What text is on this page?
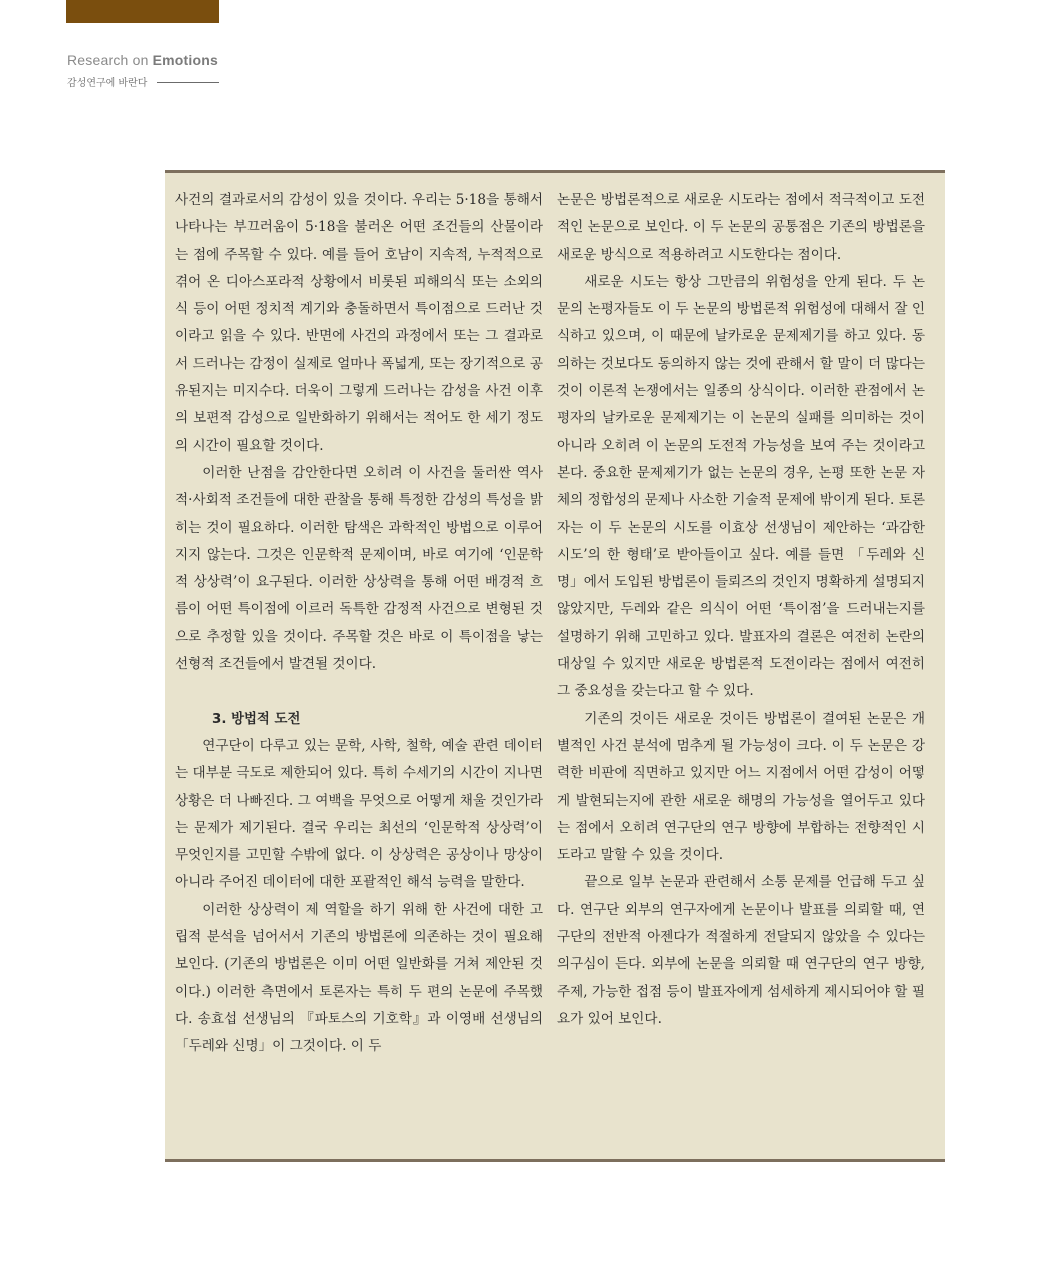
Research on Emotions
감성연구에 바란다

사건의 결과로서의 감성이 있을 것이다. 우리는 5·18을 통해서 나타나는 부끄러움이 5·18을 불러온 어떤 조건들의 산물이라는 점에 주목할 수 있다. 예를 들어 호남이 지속적, 누적적으로 겪어 온 디아스포라적 상황에서 비롯된 피해의식 또는 소외의식 등이 어떤 정치적 계기와 충돌하면서 특이점으로 드러난 것이라고 읽을 수 있다. 반면에 사건의 과정에서 또는 그 결과로서 드러나는 감정이 실제로 얼마나 폭넓게, 또는 장기적으로 공유된지는 미지수다. 더욱이 그렇게 드러나는 감성을 사건 이후의 보편적 감성으로 일반화하기 위해서는 적어도 한 세기 정도의 시간이 필요할 것이다.

이러한 난점을 감안한다면 오히려 이 사건을 둘러싼 역사적·사회적 조건들에 대한 관찰을 통해 특정한 감성의 특성을 밝히는 것이 필요하다. 이러한 탐색은 과학적인 방법으로 이루어지지 않는다. 그것은 인문학적 문제이며, 바로 여기에 ‘인문학적 상상력’이 요구된다. 이러한 상상력을 통해 어떤 배경적 흐름이 어떤 특이점에 이르러 독특한 감정적 사건으로 변형된 것으로 추정할 있을 것이다. 주목할 것은 바로 이 특이점을 낳는 선형적 조건들에서 발견될 것이다.

3. 방법적 도전

연구단이 다루고 있는 문학, 사학, 철학, 예술 관련 데이터는 대부분 극도로 제한되어 있다. 특히 수세기의 시간이 지나면 상황은 더 나빠진다. 그 여백을 무엇으로 어떻게 채울 것인가라는 문제가 제기된다. 결국 우리는 최선의 ‘인문학적 상상력’이 무엇인지를 고민할 수밖에 없다. 이 상상력은 공상이나 망상이 아니라 주어진 데이터에 대한 포괄적인 해석 능력을 말한다.

이러한 상상력이 제 역할을 하기 위해 한 사건에 대한 고립적 분석을 넘어서서 기존의 방법론에 의존하는 것이 필요해 보인다. (기존의 방법론은 이미 어떤 일반화를 거쳐 제안된 것이다.) 이러한 측면에서 토론자는 특히 두 편의 논문에 주목했다. 송효섭 선생님의 『파토스의 기호학』과 이영배 선생님의 「두레와 신명」이 그것이다. 이 두

논문은 방법론적으로 새로운 시도라는 점에서 적극적이고 도전적인 논문으로 보인다. 이 두 논문의 공통점은 기존의 방법론을 새로운 방식으로 적용하려고 시도한다는 점이다.

새로운 시도는 항상 그만큼의 위험성을 안게 된다. 두 논문의 논평자들도 이 두 논문의 방법론적 위험성에 대해서 잘 인식하고 있으며, 이 때문에 날카로운 문제제기를 하고 있다. 동의하는 것보다도 동의하지 않는 것에 관해서 할 말이 더 많다는 것이 이론적 논쟁에서는 일종의 상식이다. 이러한 관점에서 논평자의 날카로운 문제제기는 이 논문의 실패를 의미하는 것이 아니라 오히려 이 논문의 도전적 가능성을 보여 주는 것이라고 본다. 중요한 문제제기가 없는 논문의 경우, 논평 또한 논문 자체의 정합성의 문제나 사소한 기술적 문제에 밖이게 된다. 토론자는 이 두 논문의 시도를 이효상 선생님이 제안하는 ‘과감한 시도’의 한 형태’로 받아들이고 싶다. 예를 들면 「두레와 신명」에서 도입된 방법론이 들뢰즈의 것인지 명확하게 설명되지 않았지만, 두레와 같은 의식이 어떤 ‘특이점’을 드러내는지를 설명하기 위해 고민하고 있다. 발표자의 결론은 여전히 논란의 대상일 수 있지만 새로운 방법론적 도전이라는 점에서 여전히 그 중요성을 갖는다고 할 수 있다.

기존의 것이든 새로운 것이든 방법론이 결여된 논문은 개별적인 사건 분석에 멈추게 될 가능성이 크다. 이 두 논문은 강력한 비판에 직면하고 있지만 어느 지점에서 어떤 감성이 어떻게 발현되는지에 관한 새로운 해명의 가능성을 열어두고 있다는 점에서 오히려 연구단의 연구 방향에 부합하는 전향적인 시도라고 말할 수 있을 것이다.

끝으로 일부 논문과 관련해서 소통 문제를 언급해 두고 싶다. 연구단 외부의 연구자에게 논문이나 발표를 의뢰할 때, 연구단의 전반적 아젠다가 적절하게 전달되지 않았을 수 있다는 의구심이 든다. 외부에 논문을 의뢰할 때 연구단의 연구 방향, 주제, 가능한 접점 등이 발표자에게 섬세하게 제시되어야 할 필요가 있어 보인다.
